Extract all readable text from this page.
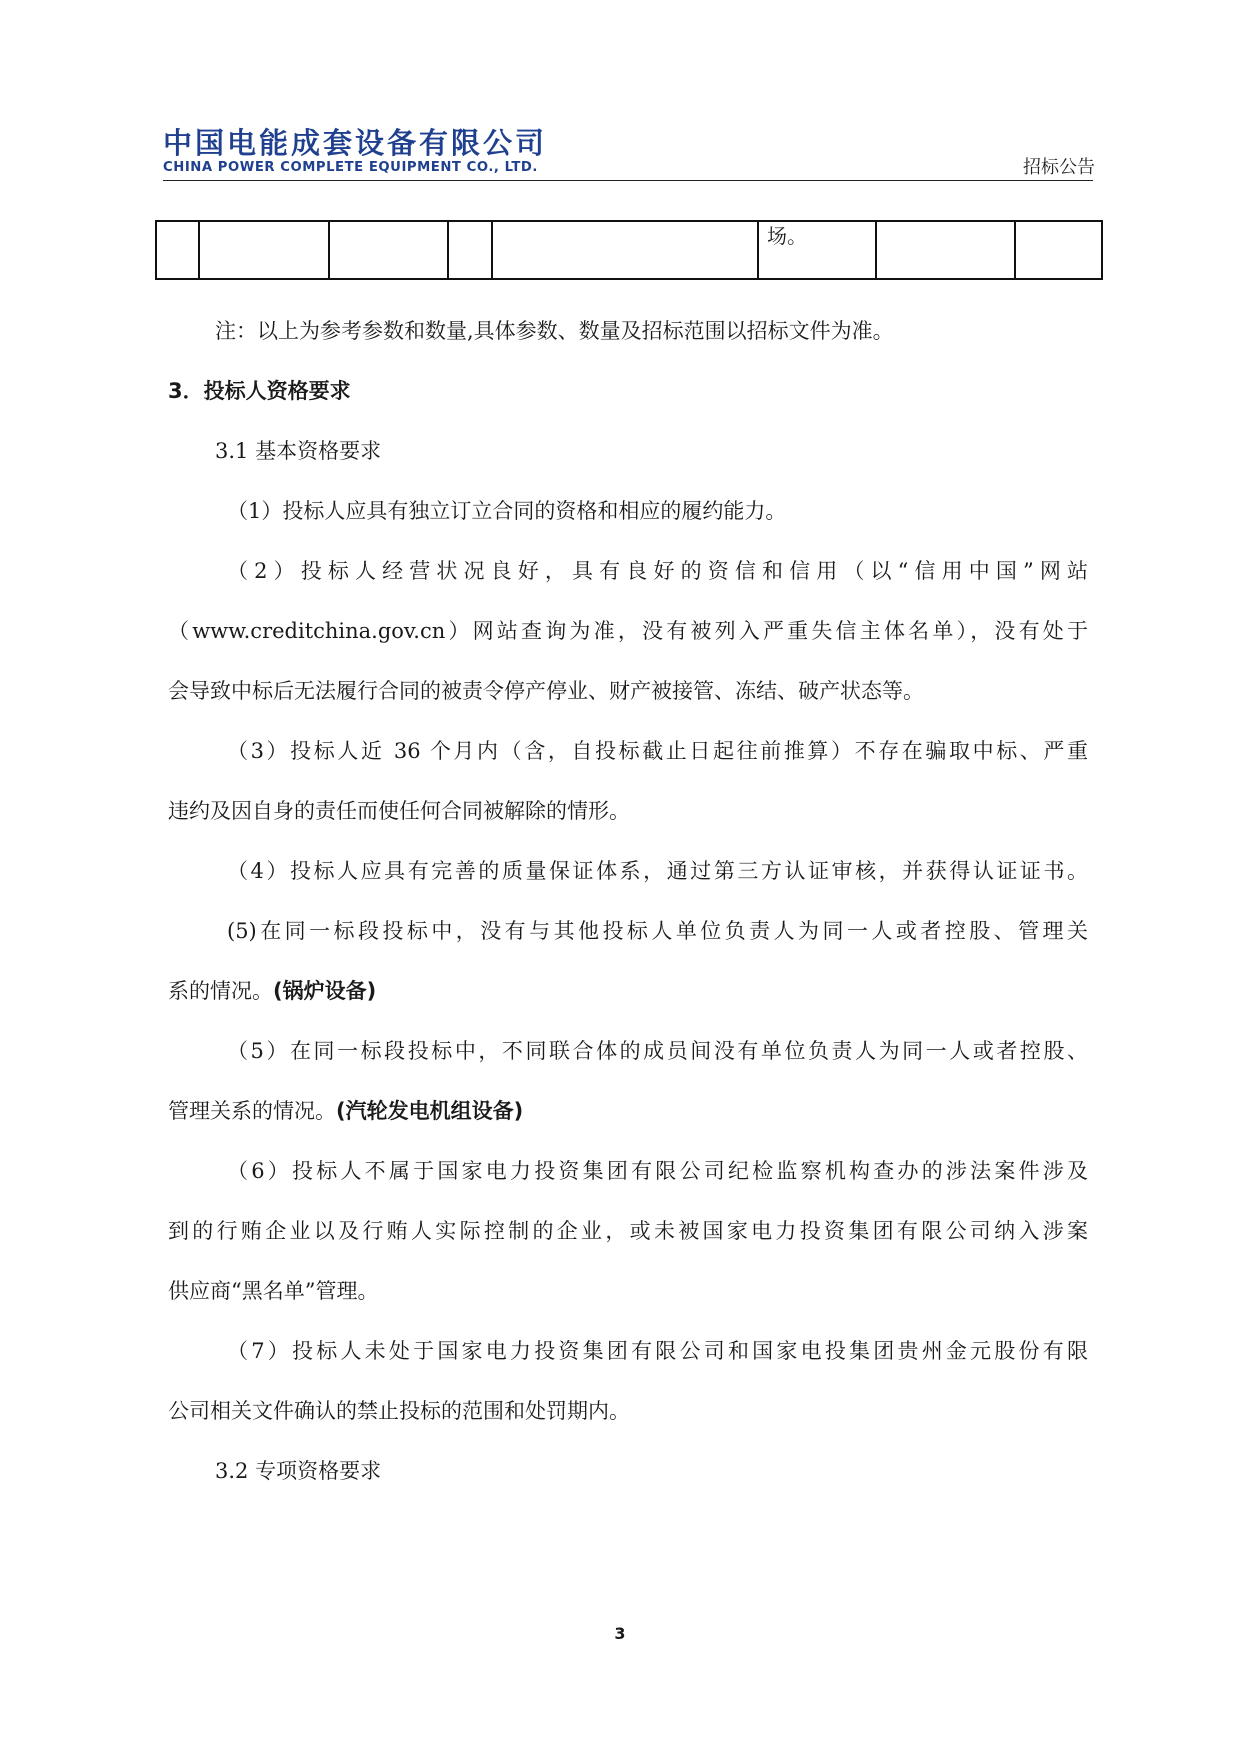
中国电能成套设备有限公司
CHINA POWER COMPLETE EQUIPMENT CO., LTD.	招标公告
					场。		

注：以上为参考参数和数量,具体参数、数量及招标范围以招标文件为准。

3．投标人资格要求

3.1 基本资格要求

（1）投标人应具有独立订立合同的资格和相应的履约能力。

（2）投标人经营状况良好，具有良好的资信和信用（以“信用中国”网站

（www.creditchina.gov.cn）网站查询为准，没有被列入严重失信主体名单），没有处于

会导致中标后无法履行合同的被责令停产停业、财产被接管、冻结、破产状态等。

（3）投标人近 36 个月内（含，自投标截止日起往前推算）不存在骗取中标、严重

违约及因自身的责任而使任何合同被解除的情形。

（4）投标人应具有完善的质量保证体系，通过第三方认证审核，并获得认证证书。

(5)在同一标段投标中，没有与其他投标人单位负责人为同一人或者控股、管理关

系的情况。(锅炉设备)

（5）在同一标段投标中，不同联合体的成员间没有单位负责人为同一人或者控股、

管理关系的情况。(汽轮发电机组设备)

（6）投标人不属于国家电力投资集团有限公司纪检监察机构查办的涉法案件涉及

到的行贿企业以及行贿人实际控制的企业，或未被国家电力投资集团有限公司纳入涉案

供应商“黑名单”管理。

（7）投标人未处于国家电力投资集团有限公司和国家电投集团贵州金元股份有限

公司相关文件确认的禁止投标的范围和处罚期内。

3.2 专项资格要求

3
